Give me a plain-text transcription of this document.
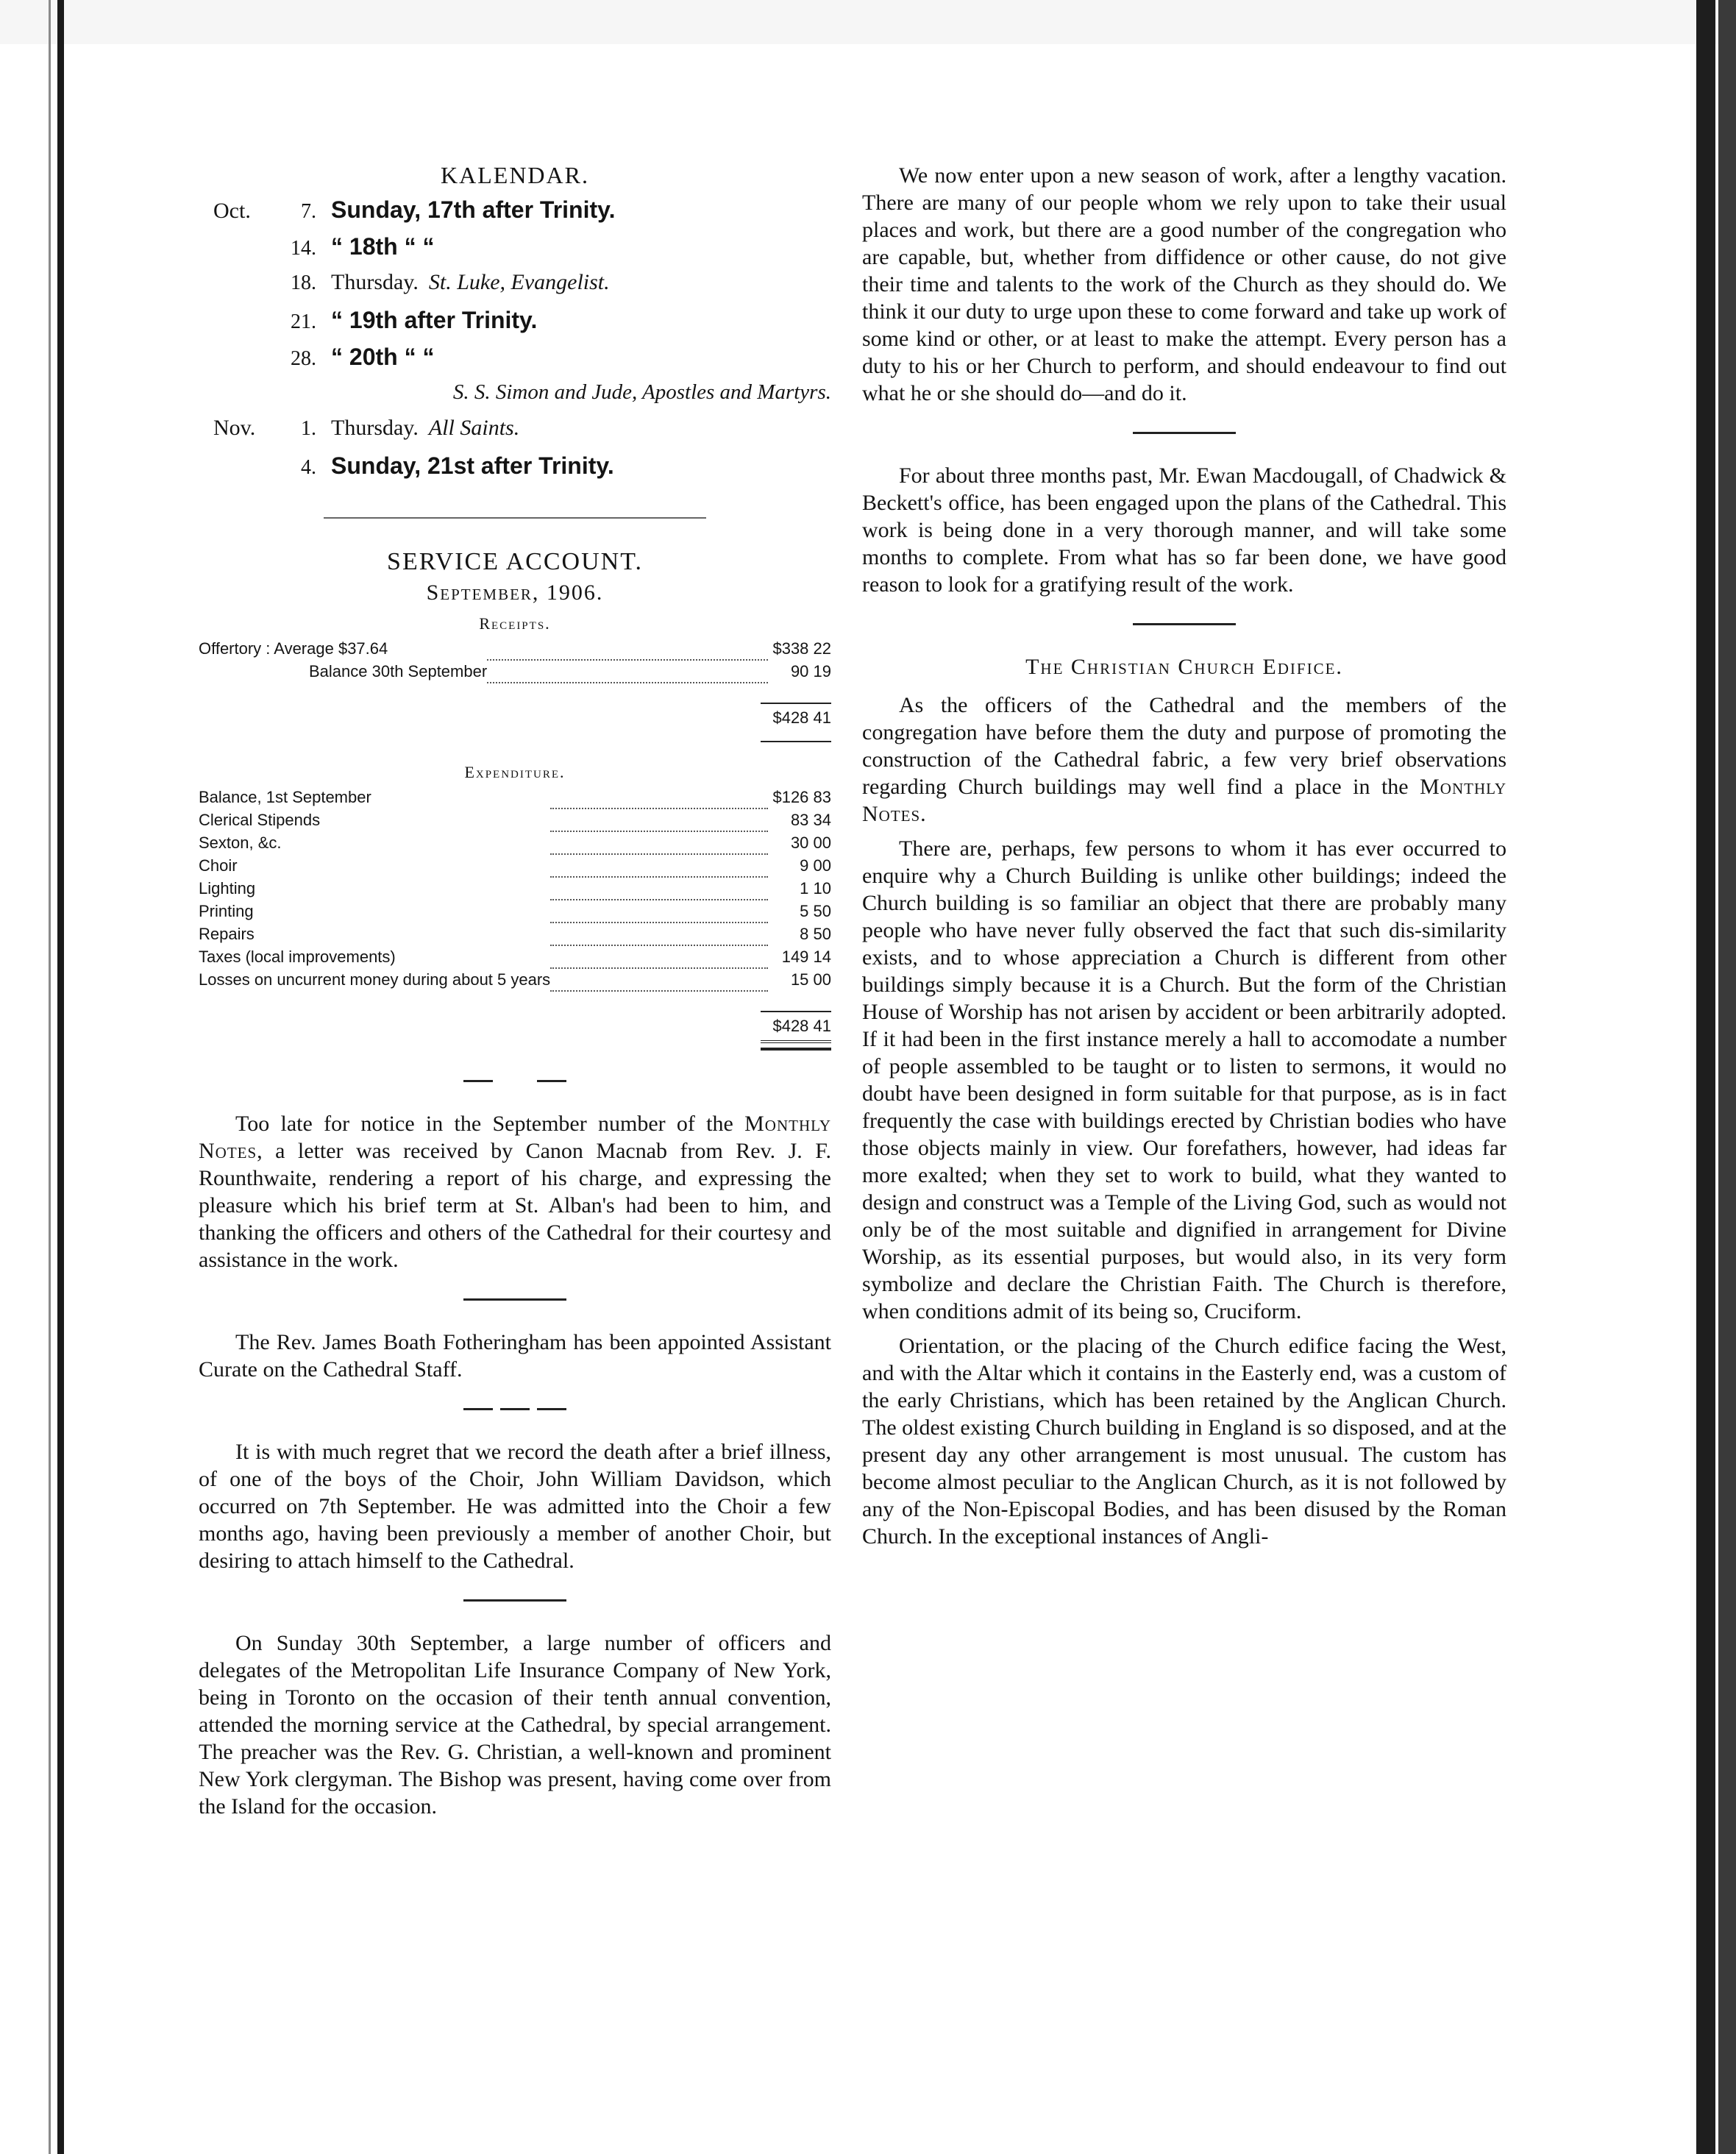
KALENDAR.
Oct.	7. Sunday, 17th after Trinity.
14. “ 18th “ “
18. Thursday. St. Luke, Evangelist.
21. “ 19th after Trinity.
28. “ 20th “ “
S. S. Simon and Jude, Apostles and Martyrs.
Nov.	1. Thursday. All Saints.
4. Sunday, 21st after Trinity.
SERVICE ACCOUNT.
September, 1906.
Receipts.
Offertory : Average $37.64		$338 22
Balance 30th September		90 19

$428 41

Expenditure.
Balance, 1st September		$126 83
Clerical Stipends		83 34
Sexton, &c.		30 00
Choir		9 00
Lighting		1 10
Printing		5 50
Repairs		8 50
Taxes (local improvements)		149 14
Losses on uncurrent money during about 5 years		15 00

$428 41

Too late for notice in the September number of the Monthly Notes, a letter was received by Canon Macnab from Rev. J. F. Rounthwaite, rendering a report of his charge, and expressing the pleasure which his brief term at St. Alban's had been to him, and thanking the officers and others of the Cathedral for their courtesy and assistance in the work.

The Rev. James Boath Fotheringham has been appointed Assistant Curate on the Cathedral Staff.

It is with much regret that we record the death after a brief illness, of one of the boys of the Choir, John William Davidson, which occurred on 7th September. He was admitted into the Choir a few months ago, having been previously a member of another Choir, but desiring to attach himself to the Cathedral.

On Sunday 30th September, a large number of officers and delegates of the Metropolitan Life Insurance Company of New York, being in Toronto on the occasion of their tenth annual convention, attended the morning service at the Cathedral, by special arrangement. The preacher was the Rev. G. Christian, a well-known and prominent New York clergyman. The Bishop was present, having come over from the Island for the occasion.

We now enter upon a new season of work, after a lengthy vacation. There are many of our people whom we rely upon to take their usual places and work, but there are a good number of the congregation who are capable, but, whether from diffidence or other cause, do not give their time and talents to the work of the Church as they should do. We think it our duty to urge upon these to come forward and take up work of some kind or other, or at least to make the attempt. Every person has a duty to his or her Church to perform, and should endeavour to find out what he or she should do—and do it.

For about three months past, Mr. Ewan Macdougall, of Chadwick & Beckett's office, has been engaged upon the plans of the Cathedral. This work is being done in a very thorough manner, and will take some months to complete. From what has so far been done, we have good reason to look for a gratifying result of the work.

The Christian Church Edifice.

As the officers of the Cathedral and the members of the congregation have before them the duty and purpose of promoting the construction of the Cathedral fabric, a few very brief observations regarding Church buildings may well find a place in the Monthly Notes.

There are, perhaps, few persons to whom it has ever occurred to enquire why a Church Building is unlike other buildings; indeed the Church building is so familiar an object that there are probably many people who have never fully observed the fact that such dis-similarity exists, and to whose appreciation a Church is different from other buildings simply because it is a Church. But the form of the Christian House of Worship has not arisen by accident or been arbitrarily adopted. If it had been in the first instance merely a hall to accomodate a number of people assembled to be taught or to listen to sermons, it would no doubt have been designed in form suitable for that purpose, as is in fact frequently the case with buildings erected by Christian bodies who have those objects mainly in view. Our forefathers, however, had ideas far more exalted; when they set to work to build, what they wanted to design and construct was a Temple of the Living God, such as would not only be of the most suitable and dignified in arrangement for Divine Worship, as its essential purposes, but would also, in its very form symbolize and declare the Christian Faith. The Church is therefore, when conditions admit of its being so, Cruciform.

Orientation, or the placing of the Church edifice facing the West, and with the Altar which it contains in the Easterly end, was a custom of the early Christians, which has been retained by the Anglican Church. The oldest existing Church building in England is so disposed, and at the present day any other arrangement is most unusual. The custom has become almost peculiar to the Anglican Church, as it is not followed by any of the Non-Episcopal Bodies, and has been disused by the Roman Church. In the exceptional instances of Angli-
